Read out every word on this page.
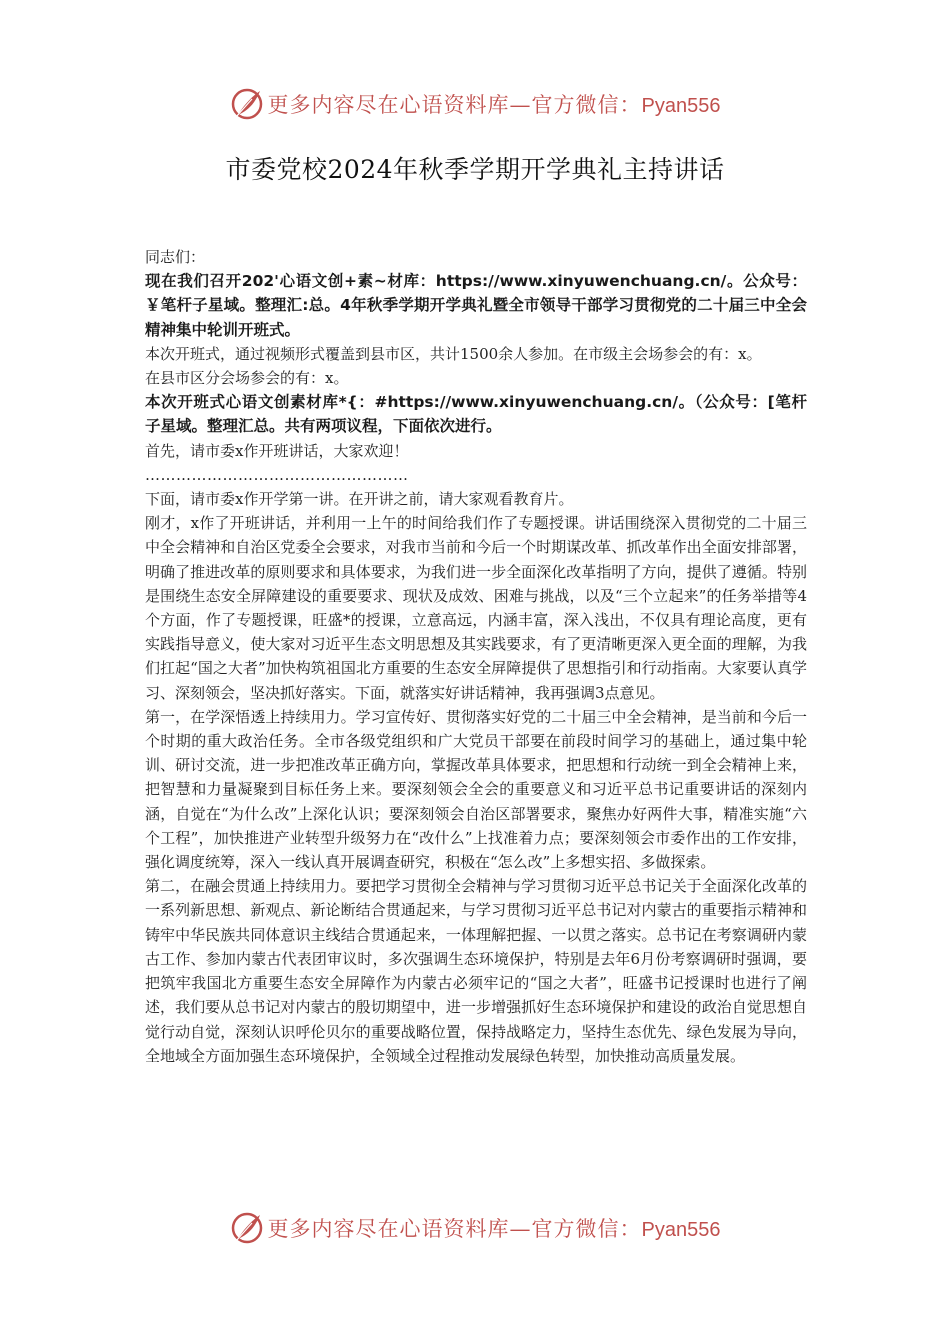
更多内容尽在心语资料库—官方微信：Pyan556
市委党校2024年秋季学期开学典礼主持讲话

同志们：

现在我们召开202'心语文创+素~材库：https://www.xinyuwenchuang.cn/。公众号：￥笔杆子星域。整理汇:总。4年秋季学期开学典礼暨全市领导干部学习贯彻党的二十届三中全会精神集中轮训开班式。

本次开班式，通过视频形式覆盖到县市区，共计1500余人参加。在市级主会场参会的有：x。

在县市区分会场参会的有：x。

本次开班式心语文创素材库*{：#https://www.xinyuwenchuang.cn/。（公众号：[笔杆子星域。整理汇总。共有两项议程，下面依次进行。

首先，请市委x作开班讲话，大家欢迎！

……………………………………………

下面，请市委x作开学第一讲。在开讲之前，请大家观看教育片。

刚才，x作了开班讲话，并利用一上午的时间给我们作了专题授课。讲话围绕深入贯彻党的二十届三中全会精神和自治区党委全会要求，对我市当前和今后一个时期谋改革、抓改革作出全面安排部署，明确了推进改革的原则要求和具体要求，为我们进一步全面深化改革指明了方向，提供了遵循。特别是围绕生态安全屏障建设的重要要求、现状及成效、困难与挑战，以及“三个立起来”的任务举措等4个方面，作了专题授课，旺盛*的授课，立意高远，内涵丰富，深入浅出，不仅具有理论高度，更有实践指导意义，使大家对习近平生态文明思想及其实践要求，有了更清晰更深入更全面的理解，为我们扛起“国之大者”加快构筑祖国北方重要的生态安全屏障提供了思想指引和行动指南。大家要认真学习、深刻领会，坚决抓好落实。下面，就落实好讲话精神，我再强调3点意见。

第一，在学深悟透上持续用力。学习宣传好、贯彻落实好党的二十届三中全会精神，是当前和今后一个时期的重大政治任务。全市各级党组织和广大党员干部要在前段时间学习的基础上，通过集中轮训、研讨交流，进一步把准改革正确方向，掌握改革具体要求，把思想和行动统一到全会精神上来，把智慧和力量凝聚到目标任务上来。要深刻领会全会的重要意义和习近平总书记重要讲话的深刻内涵，自觉在“为什么改”上深化认识；要深刻领会自治区部署要求，聚焦办好两件大事，精准实施“六个工程”，加快推进产业转型升级努力在“改什么”上找准着力点；要深刻领会市委作出的工作安排，强化调度统筹，深入一线认真开展调查研究，积极在“怎么改”上多想实招、多做探索。

第二，在融会贯通上持续用力。要把学习贯彻全会精神与学习贯彻习近平总书记关于全面深化改革的一系列新思想、新观点、新论断结合贯通起来，与学习贯彻习近平总书记对内蒙古的重要指示精神和铸牢中华民族共同体意识主线结合贯通起来，一体理解把握、一以贯之落实。总书记在考察调研内蒙古工作、参加内蒙古代表团审议时，多次强调生态环境保护，特别是去年6月份考察调研时强调，要把筑牢我国北方重要生态安全屏障作为内蒙古必须牢记的“国之大者”，旺盛书记授课时也进行了阐述，我们要从总书记对内蒙古的殷切期望中，进一步增强抓好生态环境保护和建设的政治自觉思想自觉行动自觉，深刻认识呼伦贝尔的重要战略位置，保持战略定力，坚持生态优先、绿色发展为导向，全地域全方面加强生态环境保护，全领域全过程推动发展绿色转型，加快推动高质量发展。

更多内容尽在心语资料库—官方微信：Pyan556
